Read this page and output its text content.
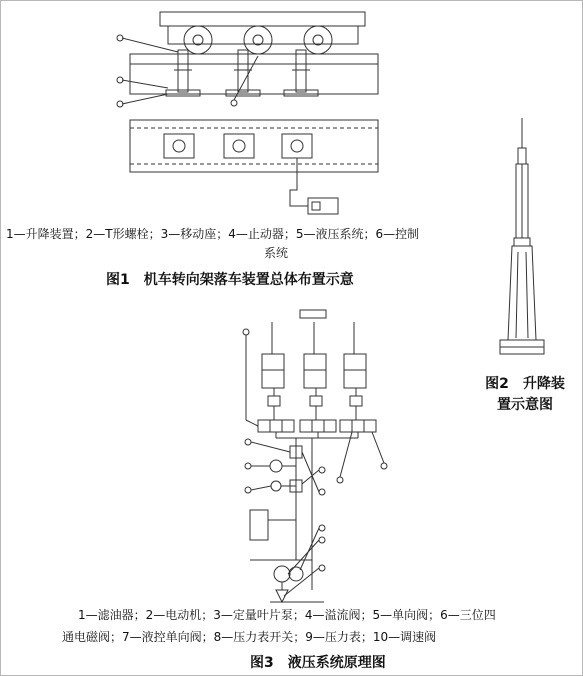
1—升降装置；2—T形螺栓；3—移动座；4—止动器；5—液压系统；6—控制
系统
图1　机车转向架落车装置总体布置示意
图2　升降装
置示意图
1—滤油器；2—电动机；3—定量叶片泵；4—溢流阀；5—单向阀；6—三位四
通电磁阀；7—液控单向阀；8—压力表开关；9—压力表；10—调速阀
图3　液压系统原理图
